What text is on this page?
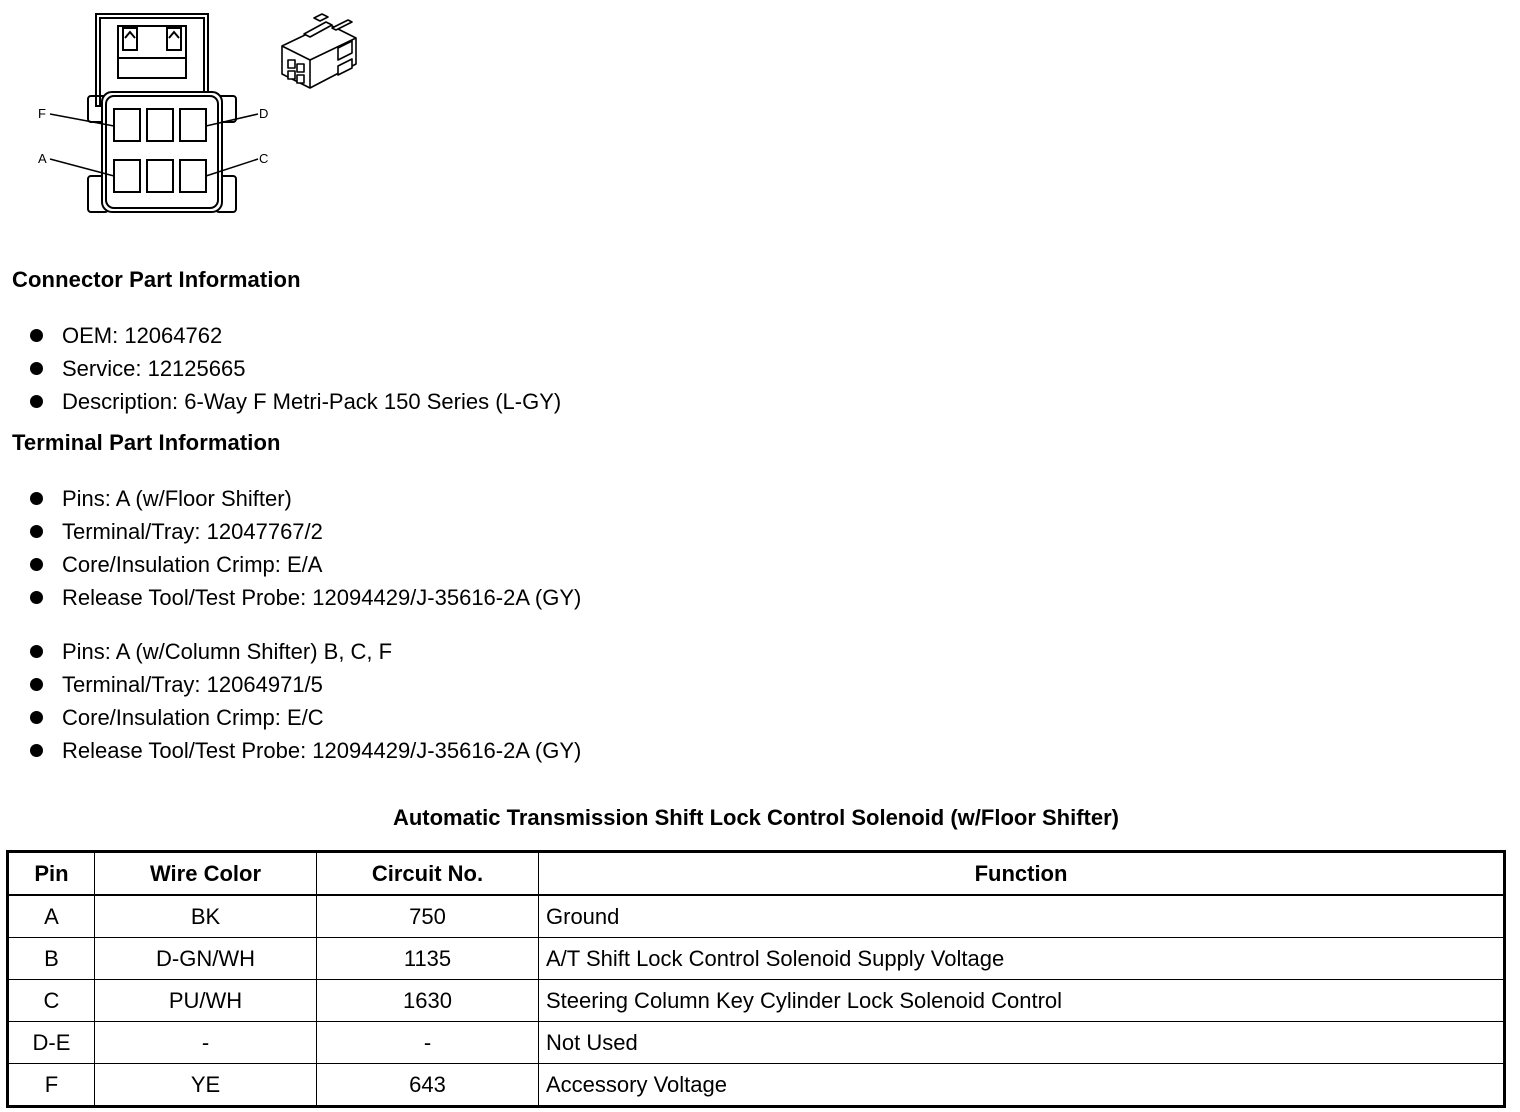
F	D
A	C
Connector Part Information
OEM: 12064762
Service: 12125665
Description: 6-Way F Metri-Pack 150 Series (L-GY)
Terminal Part Information
Pins: A (w/Floor Shifter)
Terminal/Tray: 12047767/2
Core/Insulation Crimp: E/A
Release Tool/Test Probe: 12094429/J-35616-2A (GY)
Pins: A (w/Column Shifter) B, C, F
Terminal/Tray: 12064971/5
Core/Insulation Crimp: E/C
Release Tool/Test Probe: 12094429/J-35616-2A (GY)
Automatic Transmission Shift Lock Control Solenoid (w/Floor Shifter)
Pin	Wire Color	Circuit No.	Function
A	BK	750	Ground
B	D-GN/WH	1135	A/T Shift Lock Control Solenoid Supply Voltage
C	PU/WH	1630	Steering Column Key Cylinder Lock Solenoid Control
D-E	-	-	Not Used
F	YE	643	Accessory Voltage
